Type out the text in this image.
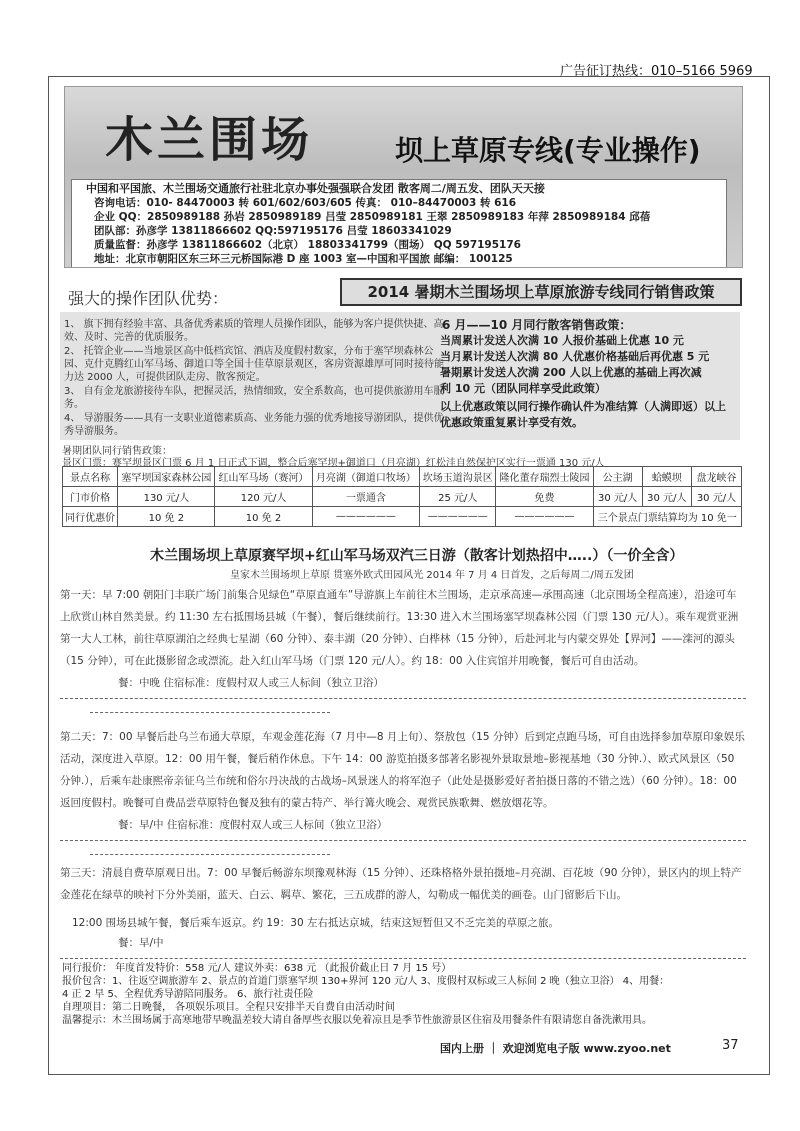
广告征订热线：010–5166 5969
木兰围场	坝上草原专线(专业操作)
中国和平国旅、木兰围场交通旅行社驻北京办事处强强联合发团 散客周二/周五发、团队天天接
咨询电话：010- 84470003 转 601/602/603/605 传真： 010–84470003 转 616
企业 QQ：2850989188 孙岩 2850989189 吕莹 2850989181 王翠 2850989183 年萍 2850989184 邱蓓
团队部：孙彦学 13811866602 QQ:597195176 吕莹 18603341029
质量监督：孙彦学 13811866602（北京） 18803341799（围场） QQ 597195176
地址：北京市朝阳区东三环三元桥国际港 D 座 1003 室—中国和平国旅 邮编： 100125
强大的操作团队优势：	2014 暑期木兰围场坝上草原旅游专线同行销售政策
1、 旗下拥有经验丰富、具备优秀素质的管理人员操作团队，能够为客户提供快捷、高效、及时、完善的优质服务。
2、 托管企业——当地景区高中低档宾馆、酒店及度假村数家，分布于塞罕坝森林公园、克什克腾红山军马场、御道口等全国十佳草原景观区，客房资源雄厚可同时接待能力达 2000 人，可提供团队走房、散客预定。
3、 自有金龙旅游接待车队，把握灵活，热情细致，安全系数高，也可提供旅游用车服务。
4、 导游服务——具有一支职业道德素质高、业务能力强的优秀地接导游团队，提供优秀导游服务。
6 月——10 月同行散客销售政策：
当周累计发送人次满 10 人报价基础上优惠 10 元
当月累计发送人次满 80 人优惠价格基础后再优惠 5 元
暑期累计发送人次满 200 人以上优惠的基础上再次减
利 10 元（团队同样享受此政策）
以上优惠政策以同行操作确认件为准结算（人满即返）以上
优惠政策重复累计享受有效。
暑期团队同行销售政策：
景区门票：赛罕坝景区门票 6 月 1 日正式下调，整合后塞罕坝+御道口（月亮湖）红松洼自然保护区实行一票通 130 元/人
景点名称	塞罕坝国家森林公园	红山军马场（赛河）	月亮湖（御道口牧场）	坎场玉道沟景区	隆化董存瑞烈士陵园	公主湖	蛤蟆坝	盘龙峡谷
门市价格	130 元/人	120 元/人	一票通含	25 元/人	免费	30 元/人	30 元/人	30 元/人
同行优惠价	10 免 2	10 免 2	——————	——————	——————	三个景点门票结算均为 10 免一		
木兰围场坝上草原赛罕坝+红山军马场双汽三日游（散客计划热招中…..）（一价全含）
皇家木兰围场坝上草原 贯塞外欧式田园风光 2014 年 7 月 4 日首发，之后每周二/周五发团
第一天：早 7:00 朝阳门丰联广场门前集合见绿色“草原直通车”导游旗上车前往木兰围场，走京承高速—承围高速（北京围场全程高速），沿途可车上欣赏山林自然美景。约 11:30 左右抵围场县城（午餐），餐后继续前行。13:30 进入木兰围场塞罕坝森林公园（门票 130 元/人）。乘车观赏亚洲第一大人工林，前往草原湖泊之经典七星湖（60 分钟）、泰丰湖（20 分钟）、白桦林（15 分钟），后赴河北与内蒙交界处【界河】——滦河的源头（15 分钟），可在此摄影留念或漂流。赴入红山军马场（门票 120 元/人）。约 18：00 入住宾馆并用晚餐，餐后可自由活动。
餐：中晚 住宿标准：度假村双人或三人标间（独立卫浴）
第二天：7：00 早餐后赴乌兰布通大草原，车观金莲花海（7 月中—8 月上旬）、祭敖包（15 分钟）后到定点跑马场，可自由选择参加草原印象娱乐活动，深度进入草原。12：00 用午餐，餐后稍作休息。下午 14：00 游览拍摄多部著名影视外景取景地–影视基地（30 分钟.）、欧式风景区（50 分钟.），后乘车赴康熙帝亲征乌兰布统和俗尔丹决战的古战场–风景迷人的将军泡子（此处是摄影爱好者拍摄日落的不错之选）（60 分钟）。18：00 返回度假村。晚餐可自费品尝草原特色餐及独有的蒙古特产、举行篝火晚会、观赏民族歌舞、燃放烟花等。
餐：早/中 住宿标准：度假村双人或三人标间（独立卫浴）
第三天：清晨自费草原观日出。7：00 早餐后畅游东坝豫观林海（15 分钟）、还珠格格外景拍摄地–月亮湖、百花坡（90 分钟），景区内的坝上特产金莲花在绿草的映衬下分外美丽，蓝天、白云、羁草、繁花，三五成群的游人，勾勒成一幅优美的画卷。山门留影后下山。
12:00 围场县城午餐，餐后乘车返京。约 19：30 左右抵达京城，结束这短暂但又不乏完美的草原之旅。
餐：早/中
同行报价： 年度首发特价：558 元/人 建议外卖：638 元 （此报价截止日 7 月 15 号）
报价包含：1、往返空调旅游车 2、景点的首道门票塞罕坝 130+界河 120 元/人 3、度假村双标或三人标间 2 晚（独立卫浴） 4、用餐：
4 正 2 早 5、全程优秀导游陪同服务。 6、旅行社责任险
自理项目：第二日晚餐， 各项娱乐项目。全程只安排半天自费自由活动时间
温馨提示：木兰围场属于高寒地带早晚温差较大请自备厚些衣服以免着凉且是季节性旅游景区住宿及用餐条件有限请您自备洗漱用具。
国内上册 ｜ 欢迎浏览电子版 www.zyoo.net	37
